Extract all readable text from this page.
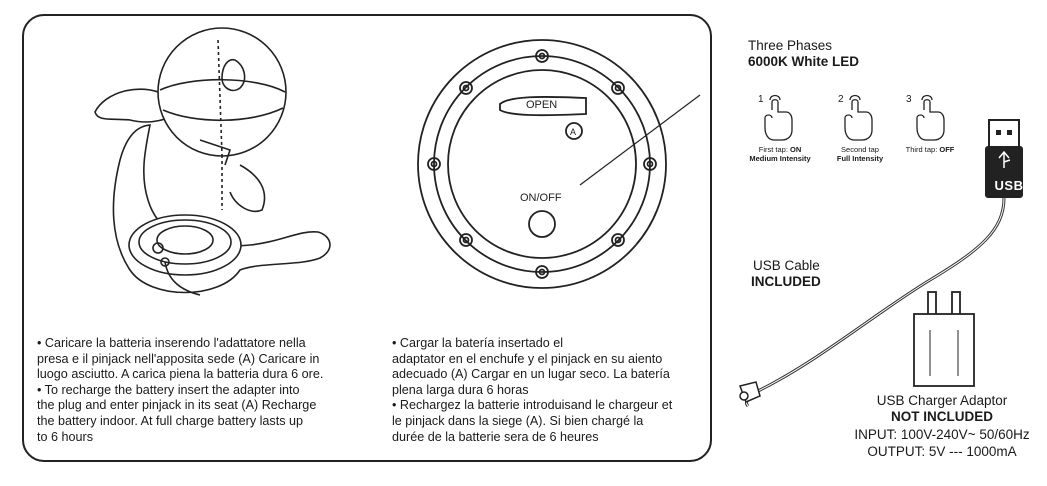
OPEN
A
ON/OFF
USB
Three Phases
6000K White LED
1	2	3
First tap: ON
Medium Intensity
Second tap
Full Intensity
Third tap: OFF

USB Cable
INCLUDED
USB Charger Adaptor
NOT INCLUDED
INPUT: 100V-240V~ 50/60Hz
OUTPUT: 5V --- 1000mA

• Caricare la batteria inserendo l'adattatore nella

presa e il pinjack nell'apposita sede (A) Caricare in

luogo asciutto. A carica piena la batteria dura 6 ore.

• To recharge the battery insert the adapter into

the plug and enter pinjack in its seat (A) Recharge

the battery indoor. At full charge battery lasts up

to 6 hours

• Cargar la batería insertado el

adaptator en el enchufe y el pinjack en su aiento

adecuado (A) Cargar en un lugar seco. La batería

plena larga dura 6 horas

• Rechargez la batterie introduisand le chargeur et

le pinjack dans la siege (A). Si bien chargé la

durée de la batterie sera de 6 heures
